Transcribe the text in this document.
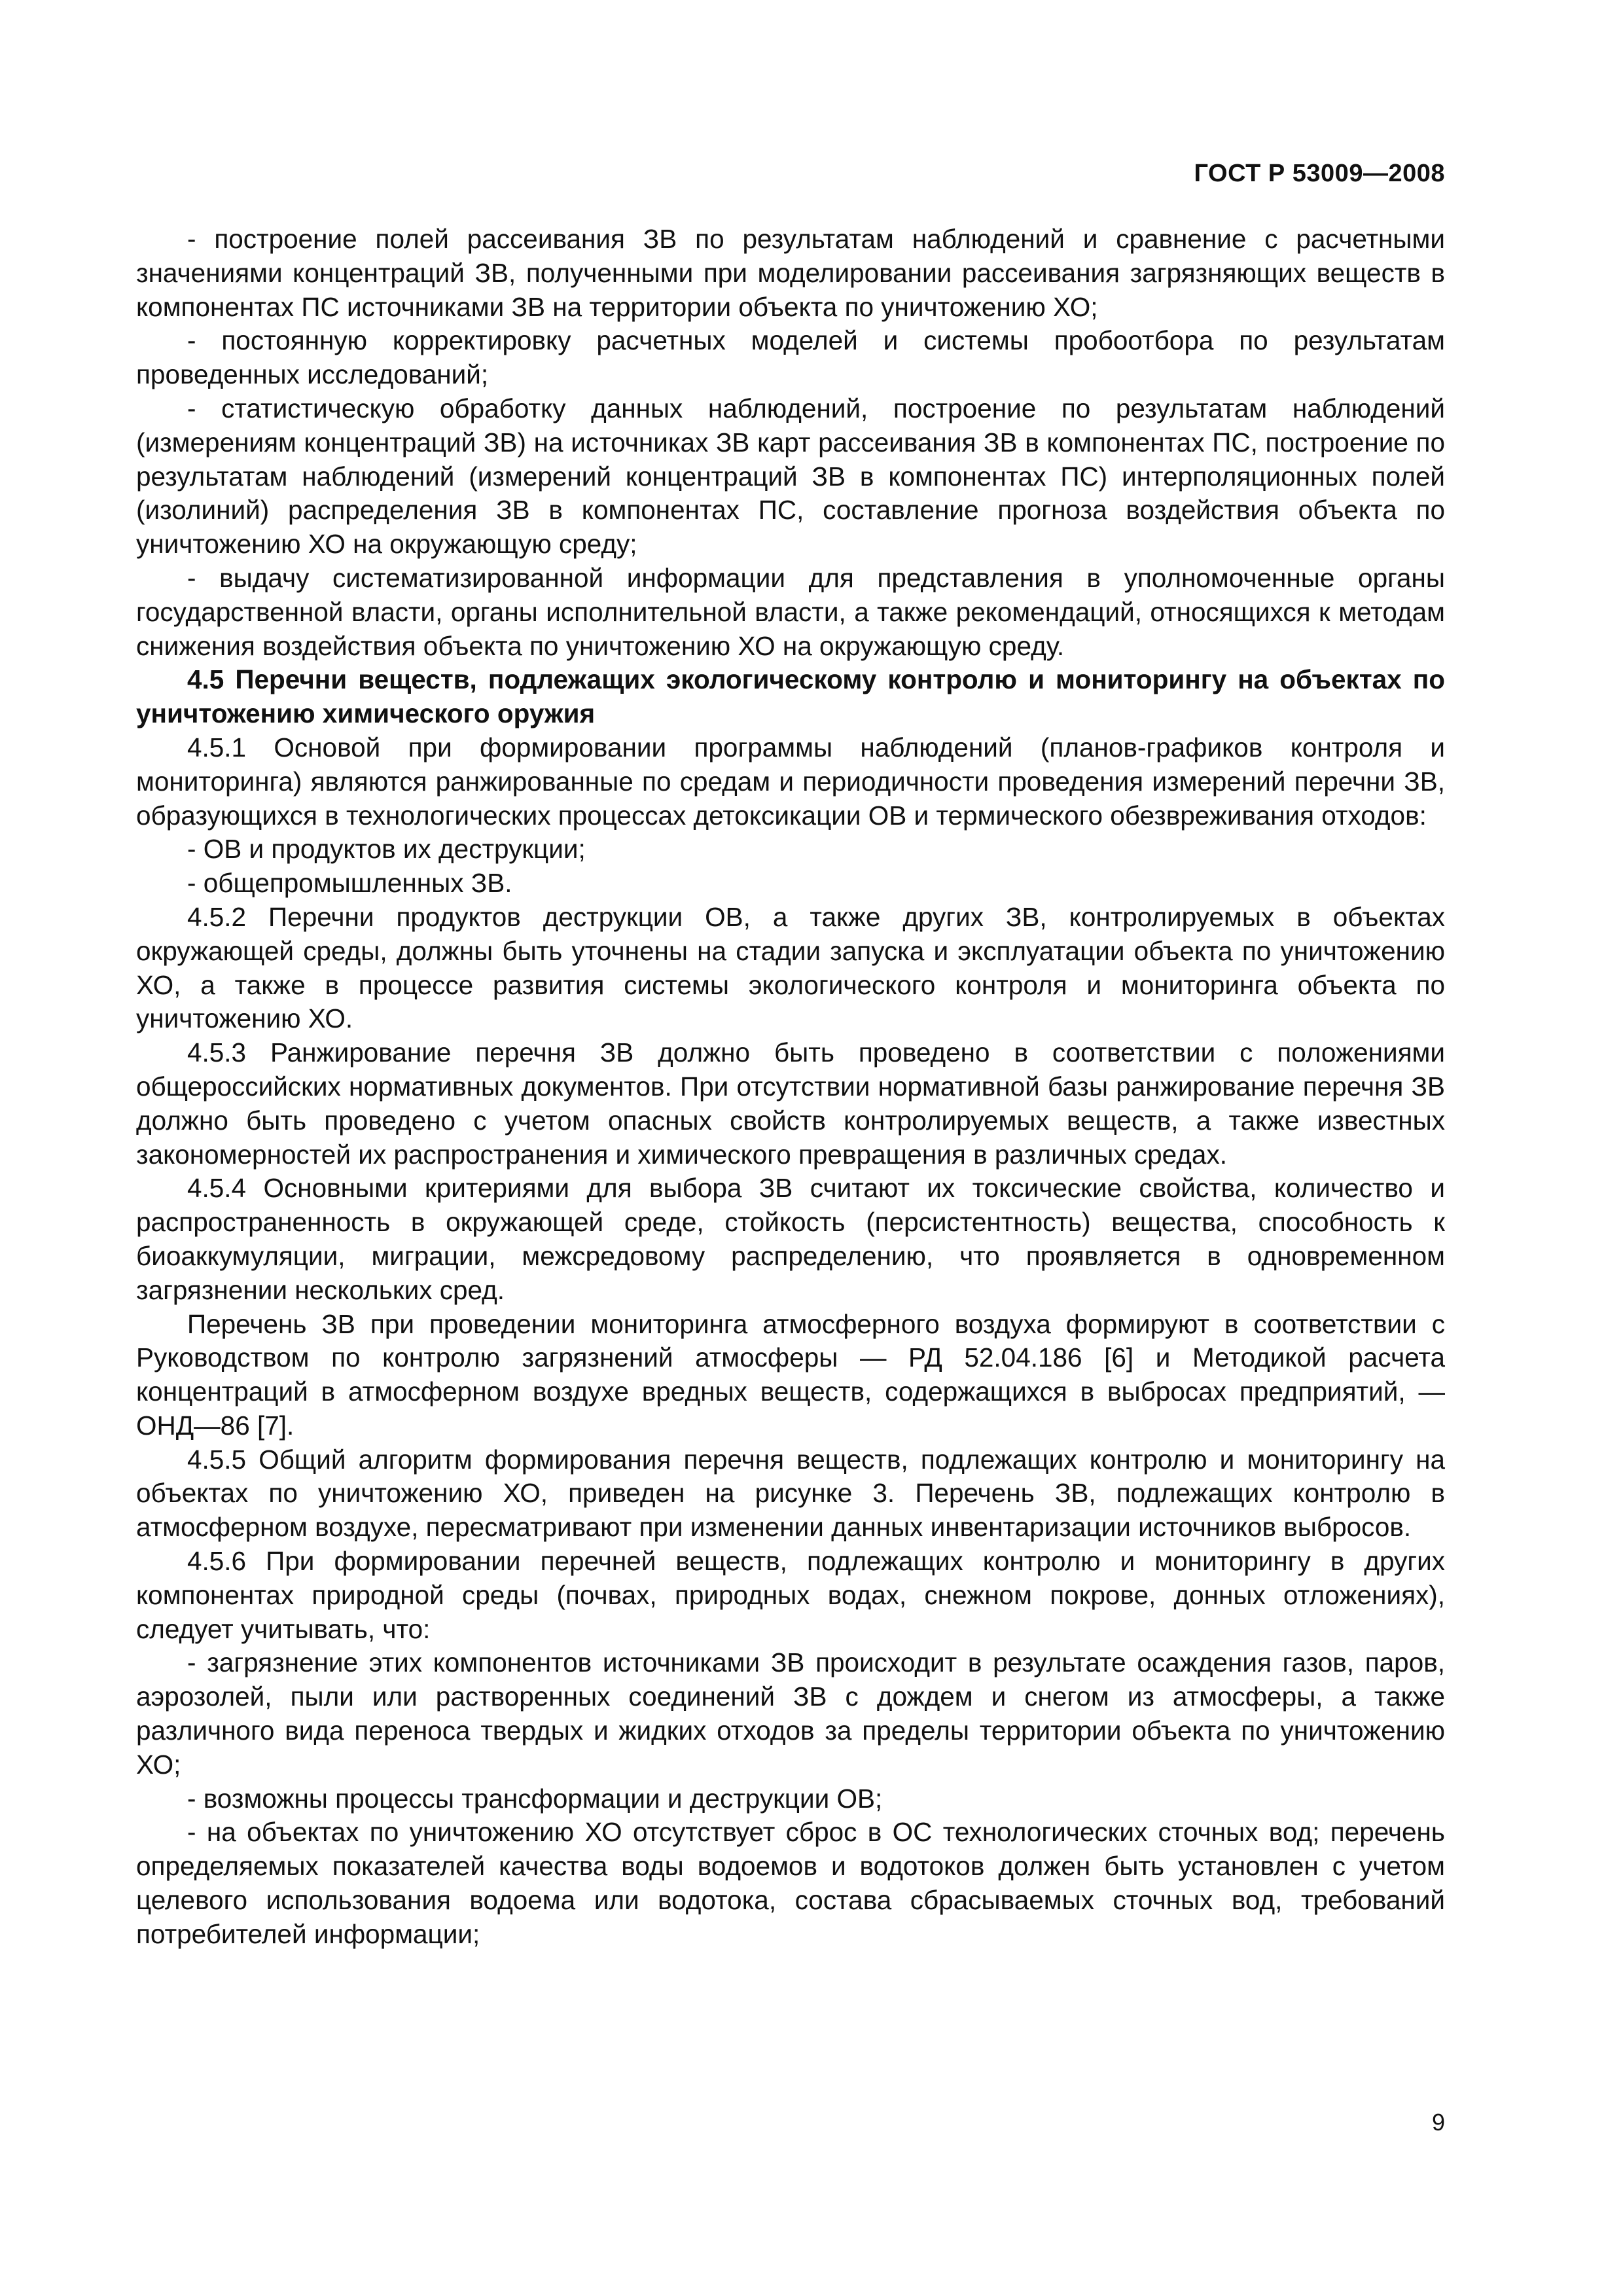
ГОСТ Р 53009—2008

- построение полей рассеивания ЗВ по результатам наблюдений и сравнение с расчетными значениями концентраций ЗВ, полученными при моделировании рассеивания загрязняющих веществ в компонентах ПС источниками ЗВ на территории объекта по уничтожению ХО;

- постоянную корректировку расчетных моделей и системы пробоотбора по результатам проведенных исследований;

- статистическую обработку данных наблюдений, построение по результатам наблюдений (измерениям концентраций ЗВ) на источниках ЗВ карт рассеивания ЗВ в компонентах ПС, построение по результатам наблюдений (измерений концентраций ЗВ в компонентах ПС) интерполяционных полей (изолиний) распределения ЗВ в компонентах ПС, составление прогноза воздействия объекта по уничтожению ХО на окружающую среду;

- выдачу систематизированной информации для представления в уполномоченные органы государственной власти, органы исполнительной власти, а также рекомендаций, относящихся к методам снижения воздействия объекта по уничтожению ХО на окружающую среду.

4.5 Перечни веществ, подлежащих экологическому контролю и мониторингу на объектах по уничтожению химического оружия

4.5.1 Основой при формировании программы наблюдений (планов-графиков контроля и мониторинга) являются ранжированные по средам и периодичности проведения измерений перечни ЗВ, образующихся в технологических процессах детоксикации ОВ и термического обезвреживания отходов:

- ОВ и продуктов их деструкции;

- общепромышленных ЗВ.

4.5.2 Перечни продуктов деструкции ОВ, а также других ЗВ, контролируемых в объектах окружающей среды, должны быть уточнены на стадии запуска и эксплуатации объекта по уничтожению ХО, а также в процессе развития системы экологического контроля и мониторинга объекта по уничтожению ХО.

4.5.3 Ранжирование перечня ЗВ должно быть проведено в соответствии с положениями общероссийских нормативных документов. При отсутствии нормативной базы ранжирование перечня ЗВ должно быть проведено с учетом опасных свойств контролируемых веществ, а также известных закономерностей их распространения и химического превращения в различных средах.

4.5.4 Основными критериями для выбора ЗВ считают их токсические свойства, количество и распространенность в окружающей среде, стойкость (персистентность) вещества, способность к биоаккумуляции, миграции, межсредовому распределению, что проявляется в одновременном загрязнении нескольких сред.

Перечень ЗВ при проведении мониторинга атмосферного воздуха формируют в соответствии с Руководством по контролю загрязнений атмосферы — РД 52.04.186 [6] и Методикой расчета концентраций в атмосферном воздухе вредных веществ, содержащихся в выбросах предприятий, — ОНД—86 [7].

4.5.5 Общий алгоритм формирования перечня веществ, подлежащих контролю и мониторингу на объектах по уничтожению ХО, приведен на рисунке 3. Перечень ЗВ, подлежащих контролю в атмосферном воздухе, пересматривают при изменении данных инвентаризации источников выбросов.

4.5.6 При формировании перечней веществ, подлежащих контролю и мониторингу в других компонентах природной среды (почвах, природных водах, снежном покрове, донных отложениях), следует учитывать, что:

- загрязнение этих компонентов источниками ЗВ происходит в результате осаждения газов, паров, аэрозолей, пыли или растворенных соединений ЗВ с дождем и снегом из атмосферы, а также различного вида переноса твердых и жидких отходов за пределы территории объекта по уничтожению ХО;

- возможны процессы трансформации и деструкции ОВ;

- на объектах по уничтожению ХО отсутствует сброс в ОС технологических сточных вод; перечень определяемых показателей качества воды водоемов и водотоков должен быть установлен с учетом целевого использования водоема или водотока, состава сбрасываемых сточных вод, требований потребителей информации;

9
